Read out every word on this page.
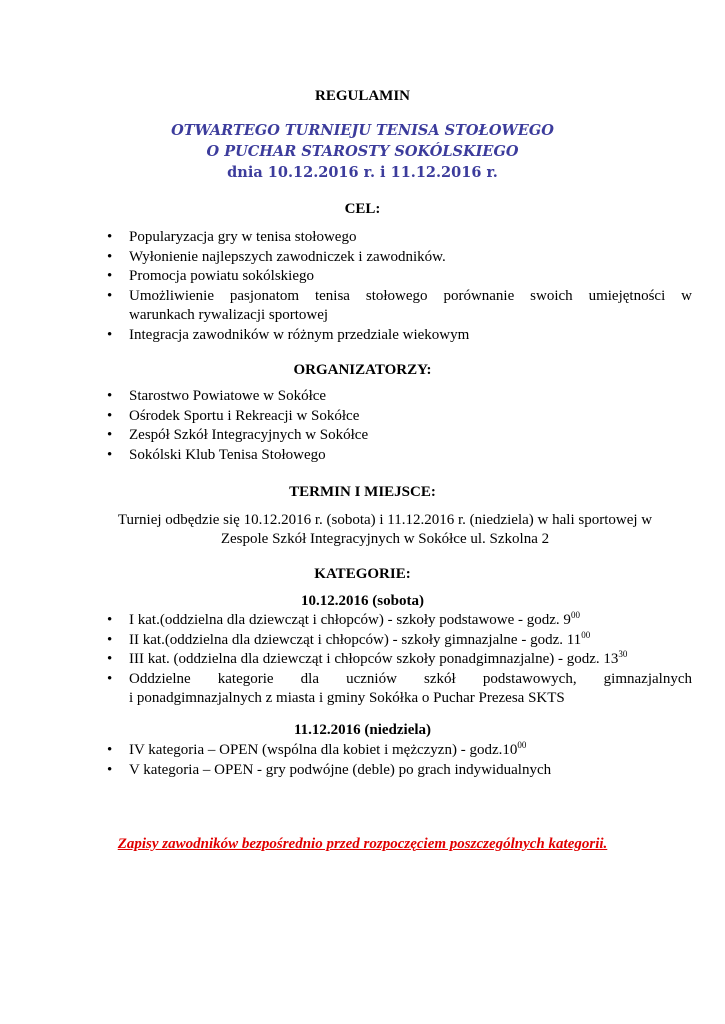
REGULAMIN
OTWARTEGO TURNIEJU TENISA STOŁOWEGO
O PUCHAR STAROSTY SOKÓLSKIEGO
dnia 10.12.2016 r. i 11.12.2016 r.
CEL:
• Popularyzacja gry w tenisa stołowego
• Wyłonienie najlepszych zawodniczek i zawodników.
• Promocja powiatu sokólskiego
• Umożliwienie pasjonatom tenisa stołowego porównanie swoich umiejętności w
warunkach rywalizacji sportowej
• Integracja zawodników w różnym przedziale wiekowym
ORGANIZATORZY:
• Starostwo Powiatowe w Sokółce
• Ośrodek Sportu i Rekreacji w Sokółce
• Zespół Szkół Integracyjnych w Sokółce
• Sokólski Klub Tenisa Stołowego
TERMIN I MIEJSCE:
Turniej odbędzie się 10.12.2016 r. (sobota) i 11.12.2016 r. (niedziela) w hali sportowej w
Zespole Szkół Integracyjnych w Sokółce ul. Szkolna 2
KATEGORIE:
10.12.2016 (sobota)
• I kat.(oddzielna dla dziewcząt i chłopców) - szkoły podstawowe - godz. $9^{00}$
• II kat.(oddzielna dla dziewcząt i chłopców) - szkoły gimnazjalne - godz. $11^{00}$
• III kat. (oddzielna dla dziewcząt i chłopców szkoły ponadgimnazjalne) - godz. $13^{30}$
• Oddzielne kategorie dla uczniów szkół podstawowych, gimnazjalnych
i ponadgimnazjalnych z miasta i gminy Sokółka o Puchar Prezesa SKTS
11.12.2016 (niedziela)
• IV kategoria – OPEN (wspólna dla kobiet i mężczyzn) - $godz.10^{00}$
• V kategoria – OPEN - gry podwójne (deble) po grach indywidualnych
Zapisy zawodników bezpośrednio przed rozpoczęciem poszczególnych kategorii.
